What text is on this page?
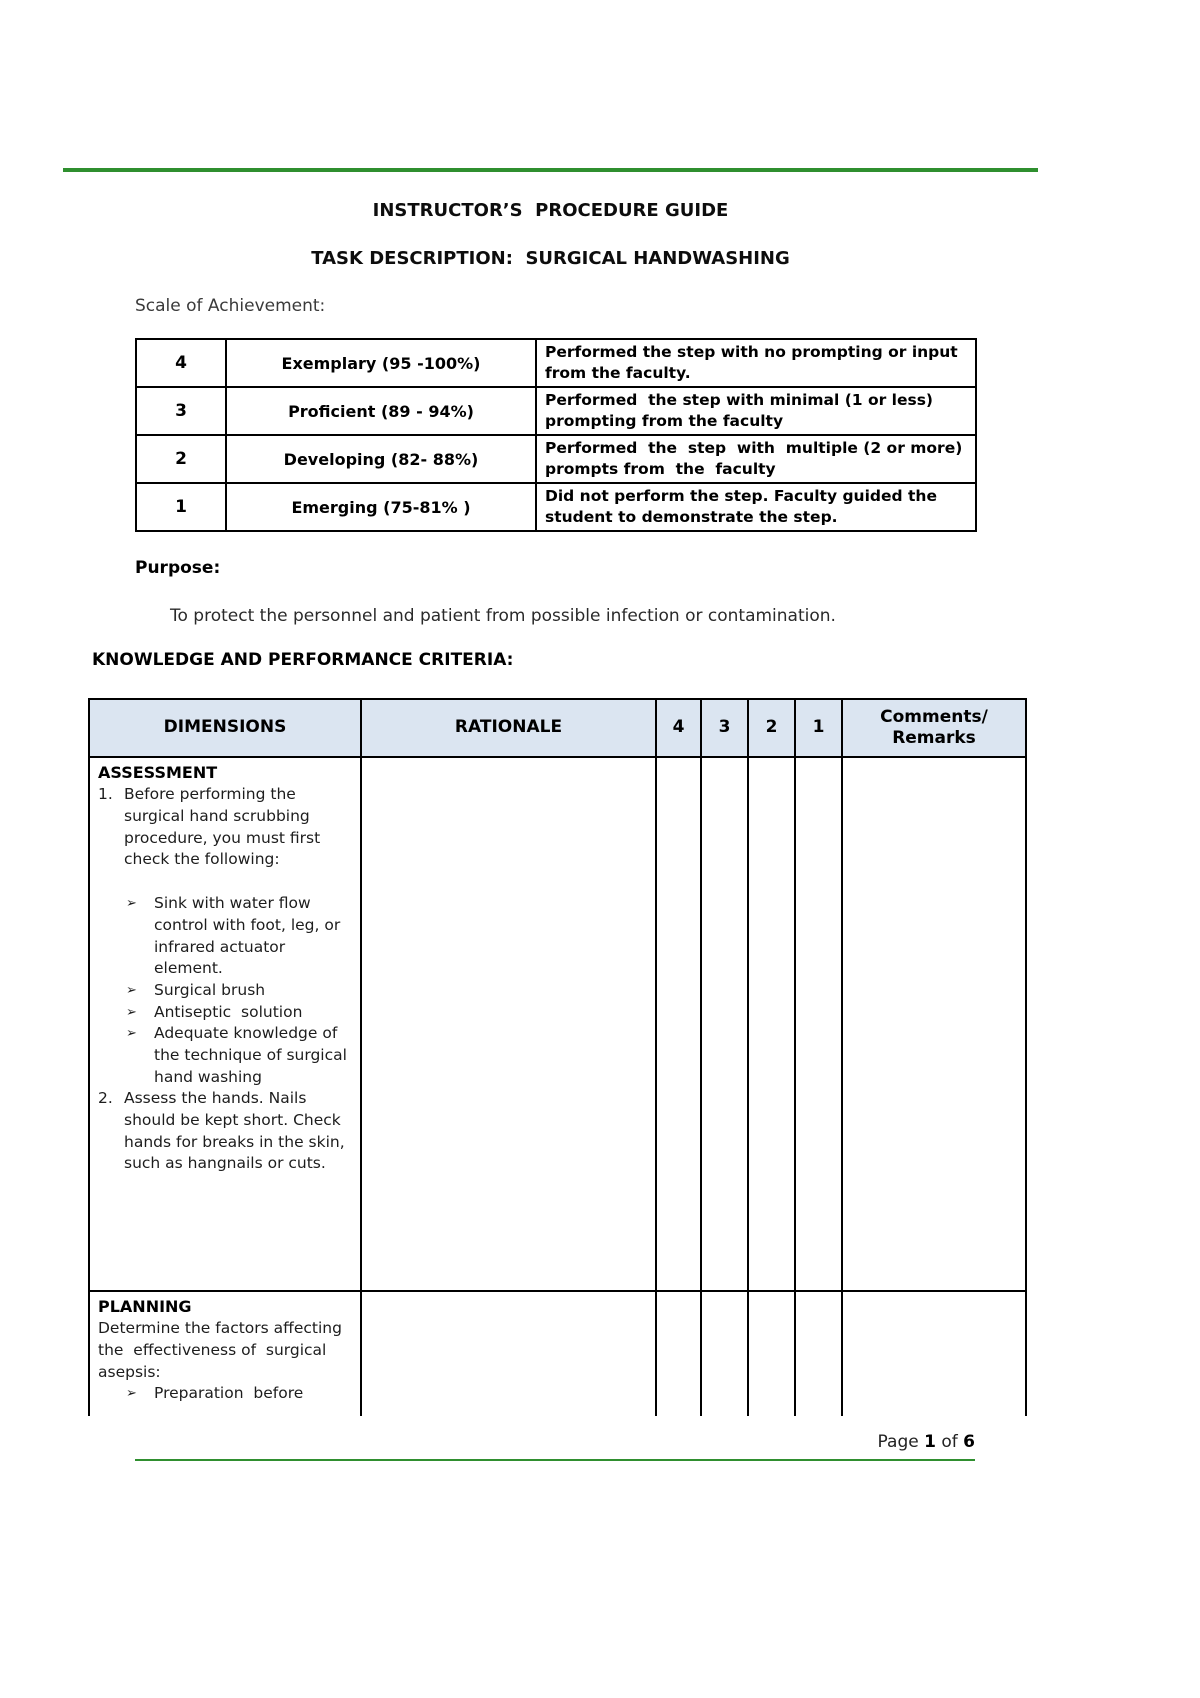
INSTRUCTOR’S  PROCEDURE GUIDE
TASK DESCRIPTION:  SURGICAL HANDWASHING
Scale of Achievement:
4	Exemplary (95 -100%)	Performed the step with no prompting or input from the faculty.
3	Proficient (89 - 94%)	Performed  the step with minimal (1 or less) prompting from the faculty
2	Developing (82- 88%)	Performed  the  step  with  multiple (2 or more)  prompts from  the  faculty
1	Emerging (75-81% )	Did not perform the step. Faculty guided the student to demonstrate the step.
Purpose:
To protect the personnel and patient from possible infection or contamination.
KNOWLEDGE AND PERFORMANCE CRITERIA:
DIMENSIONS	RATIONALE	4	3	2	1	Comments/ Remarks

ASSESSMENT
1. Before performing the surgical hand scrubbing procedure, you must first check the following:
➢	Sink with water flow control with foot, leg, or infrared actuator element.
➢	Surgical brush
➢	Antiseptic  solution
➢	Adequate knowledge of  the technique of surgical  hand washing
2. Assess the hands. Nails should be kept short. Check hands for breaks in the skin, such as hangnails or cuts.

PLANNING
Determine the factors affecting the  effectiveness of  surgical  asepsis:
➢ Preparation  before						

Page 1 of 6
